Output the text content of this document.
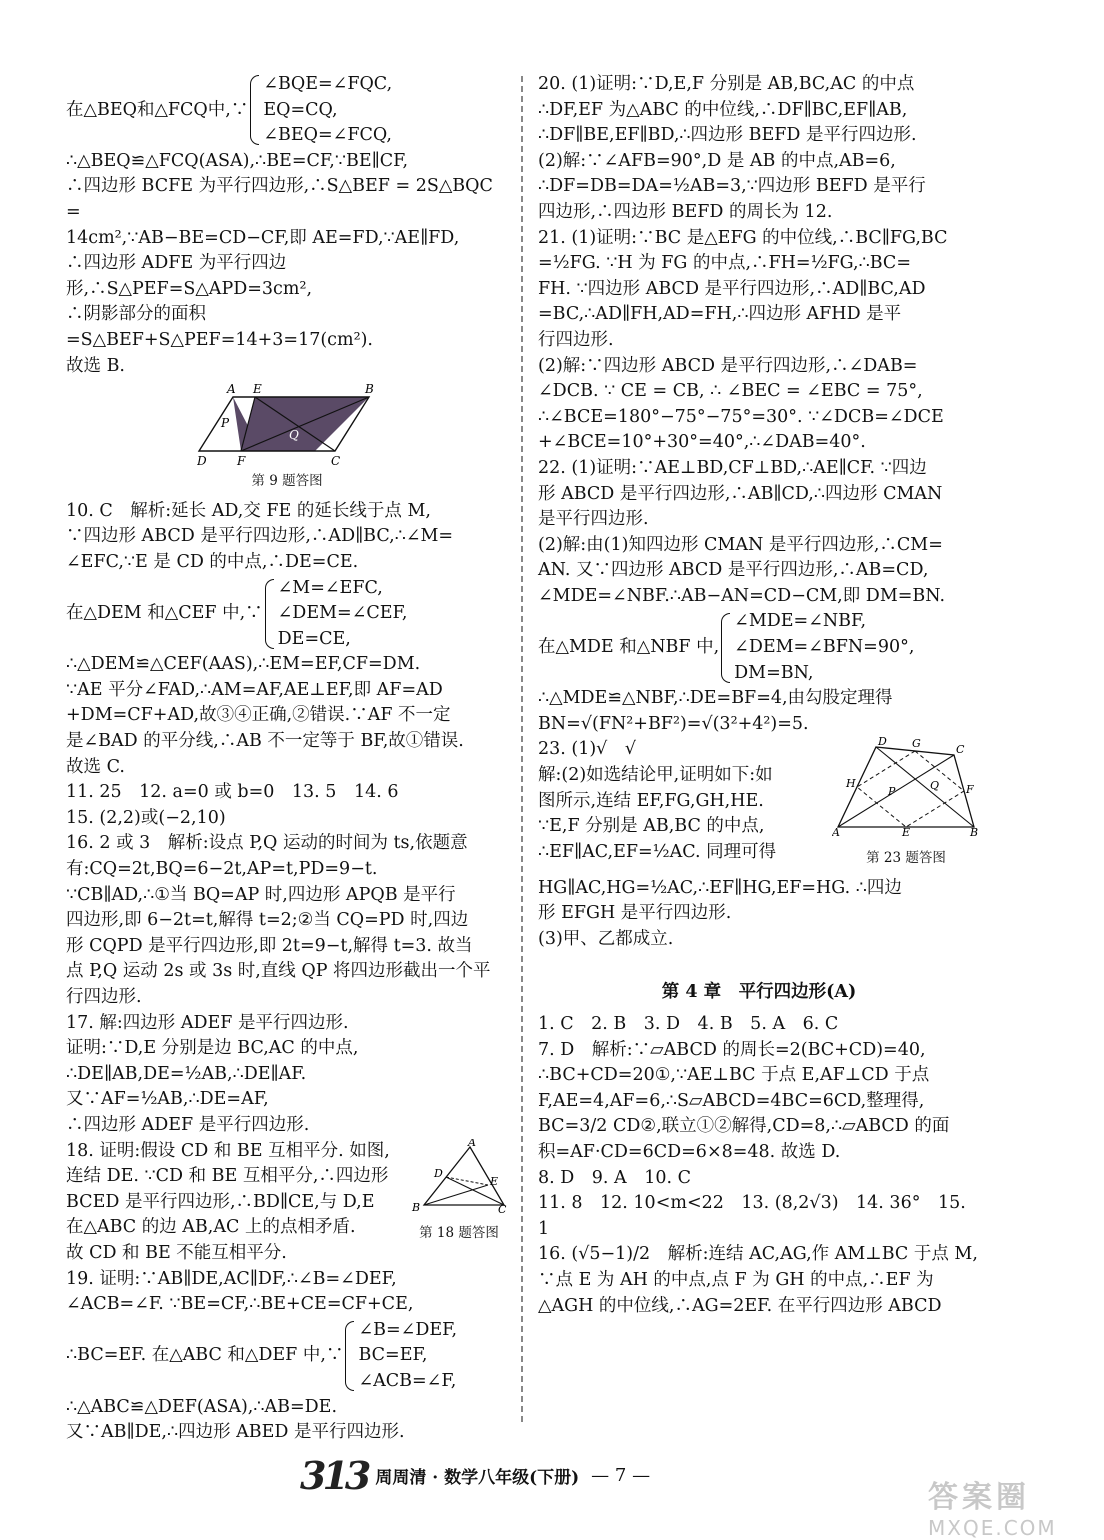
在△BEQ和△FCQ中,∵
∠BQE=∠FQC,
EQ=CQ,
∠BEQ=∠FCQ,

∴△BEQ≌△FCQ(ASA),∴BE=CF,∵BE∥CF,

∴四边形 BCFE 为平行四边形,∴S△BEF = 2S△BQC =

14cm²,∵AB−BE=CD−CF,即 AE=FD,∵AE∥FD,

∴四边形 ADFE 为平行四边形,∴S△PEF=S△APD=3cm²,

∴阴影部分的面积=S△BEF+S△PEF=14+3=17(cm²).

故选 B.

A E	B
P
Q
D	F	C

第 9 题答图

10. C　解析:延长 AD,交 FE 的延长线于点 M,

∵四边形 ABCD 是平行四边形,∴AD∥BC,∴∠M=

∠EFC,∵E 是 CD 的中点,∴DE=CE.

在△DEM 和△CEF 中,∵
∠M=∠EFC,
∠DEM=∠CEF,
DE=CE,

∴△DEM≌△CEF(AAS),∴EM=EF,CF=DM.

∵AE 平分∠FAD,∴AM=AF,AE⊥EF,即 AF=AD

+DM=CF+AD,故③④正确,②错误.∵AF 不一定

是∠BAD 的平分线,∴AB 不一定等于 BF,故①错误.

故选 C.

11. 25　12. a=0 或 b=0　13. 5　14. 6

15. (2,2)或(−2,10)

16. 2 或 3　解析:设点 P,Q 运动的时间为 ts,依题意

有:CQ=2t,BQ=6−2t,AP=t,PD=9−t.

∵CB∥AD,∴①当 BQ=AP 时,四边形 APQB 是平行

四边形,即 6−2t=t,解得 t=2;②当 CQ=PD 时,四边

形 CQPD 是平行四边形,即 2t=9−t,解得 t=3. 故当

点 P,Q 运动 2s 或 3s 时,直线 QP 将四边形截出一个平

行四边形.

17. 解:四边形 ADEF 是平行四边形.

证明:∵D,E 分别是边 BC,AC 的中点,

∴DE∥AB,DE=½AB,∴DE∥AF.

又∵AF=½AB,∴DE=AF,

∴四边形 ADEF 是平行四边形.

A
D
E
B	C

第 18 题答图

18. 证明:假设 CD 和 BE 互相平分. 如图,

连结 DE. ∵CD 和 BE 互相平分,∴四边形

BCED 是平行四边形,∴BD∥CE,与 D,E

在△ABC 的边 AB,AC 上的点相矛盾.

故 CD 和 BE 不能互相平分.

19. 证明:∵AB∥DE,AC∥DF,∴∠B=∠DEF,

∠ACB=∠F. ∵BE=CF,∴BE+CE=CF+CE,

∴BC=EF. 在△ABC 和△DEF 中,∵
∠B=∠DEF,
BC=EF,
∠ACB=∠F,

∴△ABC≌△DEF(ASA),∴AB=DE.

又∵AB∥DE,∴四边形 ABED 是平行四边形.

20. (1)证明:∵D,E,F 分别是 AB,BC,AC 的中点

∴DF,EF 为△ABC 的中位线,∴DF∥BC,EF∥AB,

∴DF∥BE,EF∥BD,∴四边形 BEFD 是平行四边形.

(2)解:∵∠AFB=90°,D 是 AB 的中点,AB=6,

∴DF=DB=DA=½AB=3,∵四边形 BEFD 是平行

四边形,∴四边形 BEFD 的周长为 12.

21. (1)证明:∵BC 是△EFG 的中位线,∴BC∥FG,BC

=½FG. ∵H 为 FG 的中点,∴FH=½FG,∴BC=

FH. ∵四边形 ABCD 是平行四边形,∴AD∥BC,AD

=BC,∴AD∥FH,AD=FH,∴四边形 AFHD 是平

行四边形.

(2)解:∵四边形 ABCD 是平行四边形,∴∠DAB=

∠DCB. ∵ CE = CB, ∴ ∠BEC = ∠EBC = 75°,

∴∠BCE=180°−75°−75°=30°. ∵∠DCB=∠DCE

+∠BCE=10°+30°=40°,∴∠DAB=40°.

22. (1)证明:∵AE⊥BD,CF⊥BD,∴AE∥CF. ∵四边

形 ABCD 是平行四边形,∴AB∥CD,∴四边形 CMAN

是平行四边形.

(2)解:由(1)知四边形 CMAN 是平行四边形,∴CM=

AN. 又∵四边形 ABCD 是平行四边形,∴AB=CD,

∠MDE=∠NBF.∴AB−AN=CD−CM,即 DM=BN.

在△MDE 和△NBF 中,
∠MDE=∠NBF,
∠DEM=∠BFN=90°,
DM=BN,

∴△MDE≌△NBF,∴DE=BF=4,由勾股定理得

BN=√(FN²+BF²)=√(3²+4²)=5.

D G	C
H
P	Q F
A	E	B

第 23 题答图

23. (1)√　√

解:(2)如选结论甲,证明如下:如

图所示,连结 EF,FG,GH,HE.

∵E,F 分别是 AB,BC 的中点,

∴EF∥AC,EF=½AC. 同理可得

HG∥AC,HG=½AC,∴EF∥HG,EF=HG. ∴四边

形 EFGH 是平行四边形.

(3)甲、乙都成立.

第 4 章　平行四边形(A)

1. C　2. B　3. D　4. B　5. A　6. C

7. D　解析:∵▱ABCD 的周长=2(BC+CD)=40,

∴BC+CD=20①,∵AE⊥BC 于点 E,AF⊥CD 于点

F,AE=4,AF=6,∴S▱ABCD=4BC=6CD,整理得,

BC=3/2 CD②,联立①②解得,CD=8,∴▱ABCD 的面

积=AF·CD=6CD=6×8=48. 故选 D.

8. D　9. A　10. C

11. 8　12. 10<m<22　13. (8,2√3)　14. 36°　15. 1

16. (√5−1)/2　解析:连结 AC,AG,作 AM⊥BC 于点 M,

∵点 E 为 AH 的中点,点 F 为 GH 的中点,∴EF 为

△AGH 的中位线,∴AG=2EF. 在平行四边形 ABCD

313 周周清 · 数学八年级(下册) — 7 —
答案圈
MXQE.COM
